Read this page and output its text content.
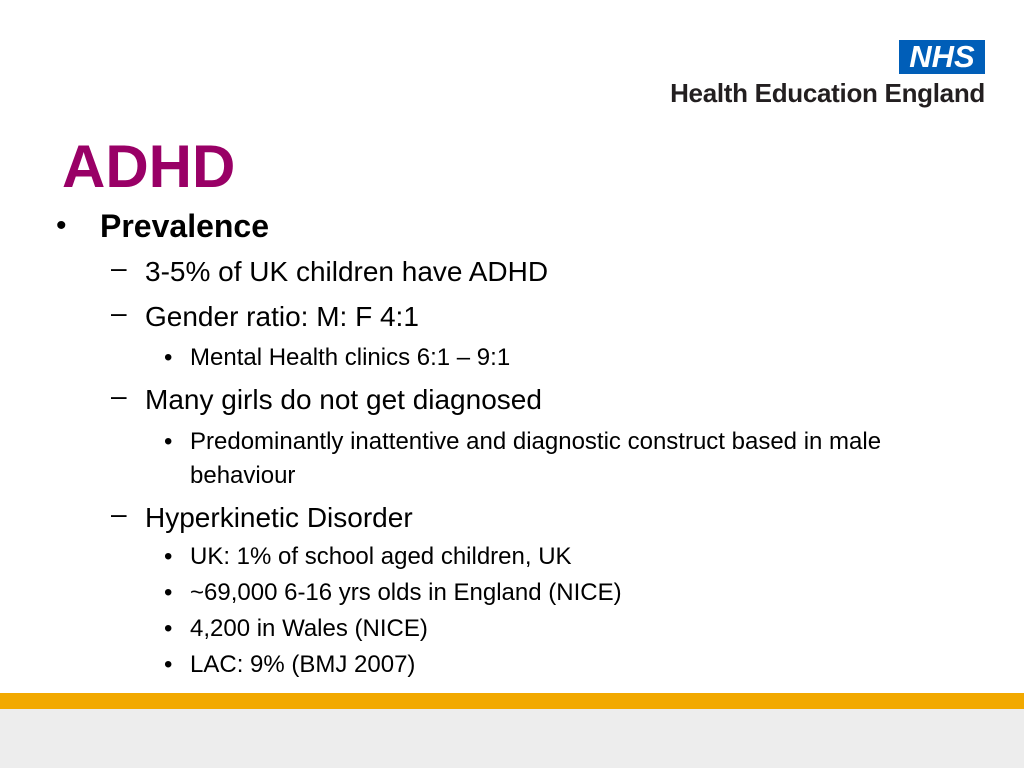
NHS
Health Education England
ADHD
• Prevalence
– 3-5% of UK children have ADHD
– Gender ratio: M: F 4:1
• Mental Health clinics 6:1 – 9:1
– Many girls do not get diagnosed
• Predominantly inattentive and diagnostic construct based in male behaviour
– Hyperkinetic Disorder
• UK: 1% of school aged children, UK
• ~69,000 6-16 yrs olds in England (NICE)
• 4,200 in Wales (NICE)
• LAC: 9% (BMJ 2007)
